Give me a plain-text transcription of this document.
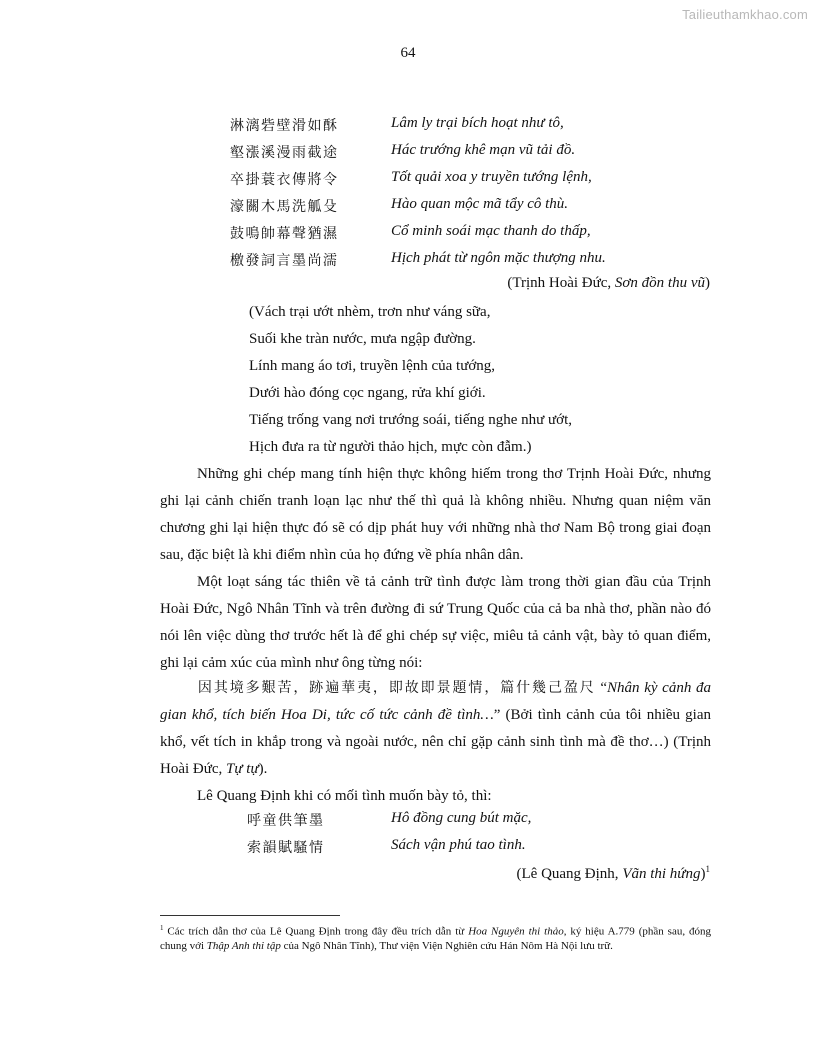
Tailieuthamkhao.com
64
淋漓砦壁滑如酥	Lâm ly trại bích hoạt như tô,
壑漲溪漫雨截途	Hác trướng khê mạn vũ tải đồ.
卒掛蓑衣傳將令	Tốt quải xoa y truyền tướng lệnh,
濠關木馬洗觚殳	Hào quan mộc mã tẩy cô thù.
鼓鳴帥幕聲猶濕	Cổ minh soái mạc thanh do thấp,
檄發詞言墨尚濡	Hịch phát từ ngôn mặc thượng nhu.
(Trịnh Hoài Đức, Sơn đồn thu vũ)
(Vách trại ướt nhèm, trơn như váng sữa,
Suối khe tràn nước, mưa ngập đường.
Lính mang áo tơi, truyền lệnh của tướng,
Dưới hào đóng cọc ngang, rửa khí giới.
Tiếng trống vang nơi trướng soái, tiếng nghe như ướt,
Hịch đưa ra từ người thảo hịch, mực còn đẫm.)

Những ghi chép mang tính hiện thực không hiếm trong thơ Trịnh Hoài Đức, nhưng ghi lại cảnh chiến tranh loạn lạc như thế thì quả là không nhiều. Nhưng quan niệm văn chương ghi lại hiện thực đó sẽ có dịp phát huy với những nhà thơ Nam Bộ trong giai đoạn sau, đặc biệt là khi điểm nhìn của họ đứng về phía nhân dân.

Một loạt sáng tác thiên về tả cảnh trữ tình được làm trong thời gian đầu của Trịnh Hoài Đức, Ngô Nhân Tĩnh và trên đường đi sứ Trung Quốc của cả ba nhà thơ, phần nào đó nói lên việc dùng thơ trước hết là để ghi chép sự việc, miêu tả cảnh vật, bày tỏ quan điểm, ghi lại cảm xúc của mình như ông từng nói:

因其境多艱苦，跡遍華夷，即故即景題情，篇什幾己盈尺 “Nhân kỳ cảnh đa gian khổ, tích biến Hoa Di, tức cố tức cảnh đề tình…” (Bởi tình cảnh của tôi nhiều gian khổ, vết tích in khắp trong và ngoài nước, nên chỉ gặp cảnh sinh tình mà đề thơ…) (Trịnh Hoài Đức, Tự tự).

Lê Quang Định khi có mối tình muốn bày tỏ, thì:

呼童供筆墨	Hô đồng cung bút mặc,
索韻賦騷情	Sách vận phú tao tình.
(Lê Quang Định, Vãn thi hứng)$^1$
$^1$ Các trích dẫn thơ của Lê Quang Định trong đây đều trích dẫn từ Hoa Nguyên thi thảo, ký hiệu A.779 (phần sau, đóng chung với Thập Anh thi tập của Ngô Nhân Tĩnh), Thư viện Viện Nghiên cứu Hán Nôm Hà Nội lưu trữ.
